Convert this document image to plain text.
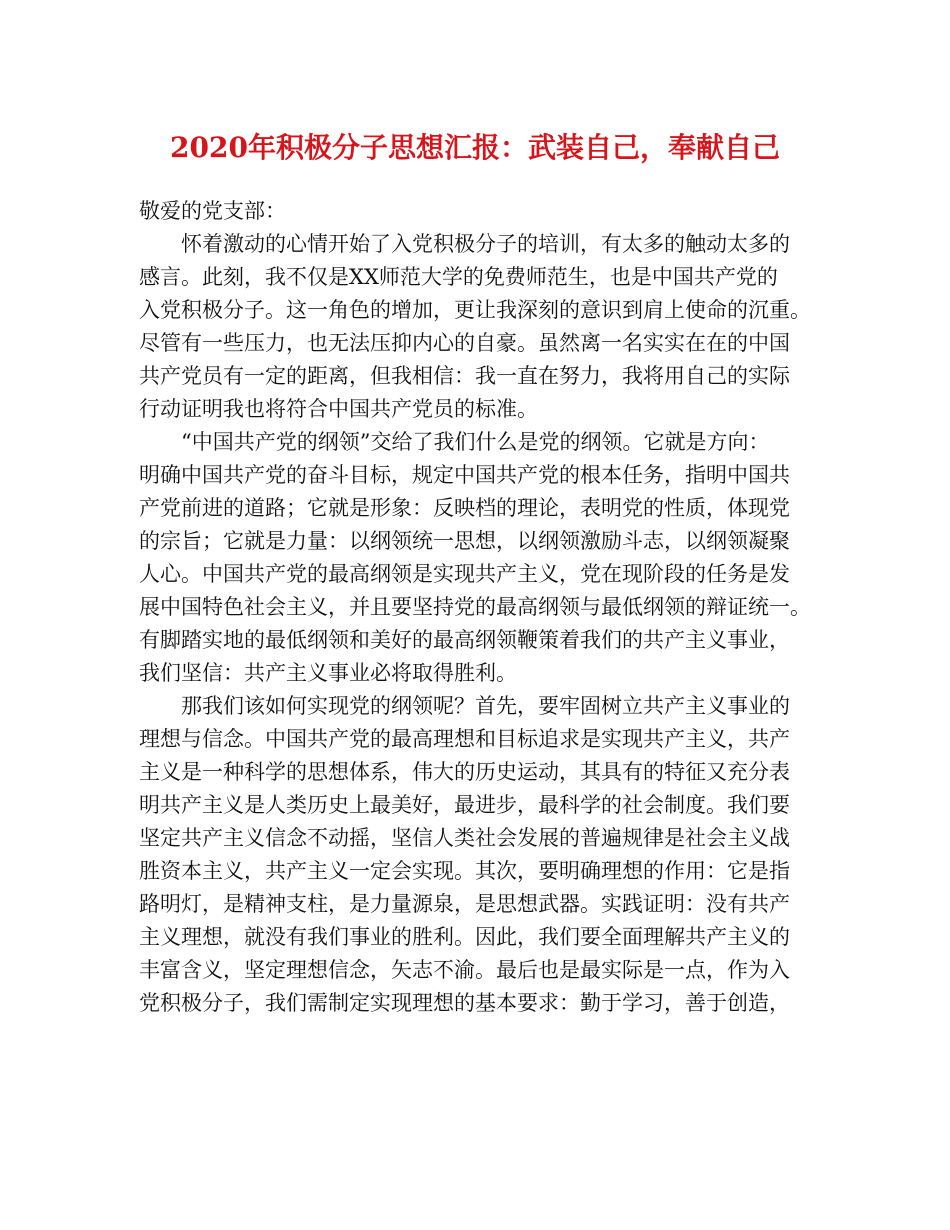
2020年积极分子思想汇报：武装自己，奉献自己
敬爱的党支部：
怀着激动的心情开始了入党积极分子的培训，有太多的触动太多的
感言。此刻，我不仅是XX师范大学的免费师范生，也是中国共产党的
入党积极分子。这一角色的增加，更让我深刻的意识到肩上使命的沉重。
尽管有一些压力，也无法压抑内心的自豪。虽然离一名实实在在的中国
共产党员有一定的距离，但我相信：我一直在努力，我将用自己的实际
行动证明我也将符合中国共产党员的标准。
“中国共产党的纲领”交给了我们什么是党的纲领。它就是方向：
明确中国共产党的奋斗目标，规定中国共产党的根本任务，指明中国共
产党前进的道路；它就是形象：反映档的理论，表明党的性质，体现党
的宗旨；它就是力量：以纲领统一思想，以纲领激励斗志，以纲领凝聚
人心。中国共产党的最高纲领是实现共产主义，党在现阶段的任务是发
展中国特色社会主义，并且要坚持党的最高纲领与最低纲领的辩证统一。
有脚踏实地的最低纲领和美好的最高纲领鞭策着我们的共产主义事业，
我们坚信：共产主义事业必将取得胜利。
那我们该如何实现党的纲领呢？首先，要牢固树立共产主义事业的
理想与信念。中国共产党的最高理想和目标追求是实现共产主义，共产
主义是一种科学的思想体系，伟大的历史运动，其具有的特征又充分表
明共产主义是人类历史上最美好，最进步，最科学的社会制度。我们要
坚定共产主义信念不动摇，坚信人类社会发展的普遍规律是社会主义战
胜资本主义，共产主义一定会实现。其次，要明确理想的作用：它是指
路明灯，是精神支柱，是力量源泉，是思想武器。实践证明：没有共产
主义理想，就没有我们事业的胜利。因此，我们要全面理解共产主义的
丰富含义，坚定理想信念，矢志不渝。最后也是最实际是一点，作为入
党积极分子，我们需制定实现理想的基本要求：勤于学习，善于创造，
